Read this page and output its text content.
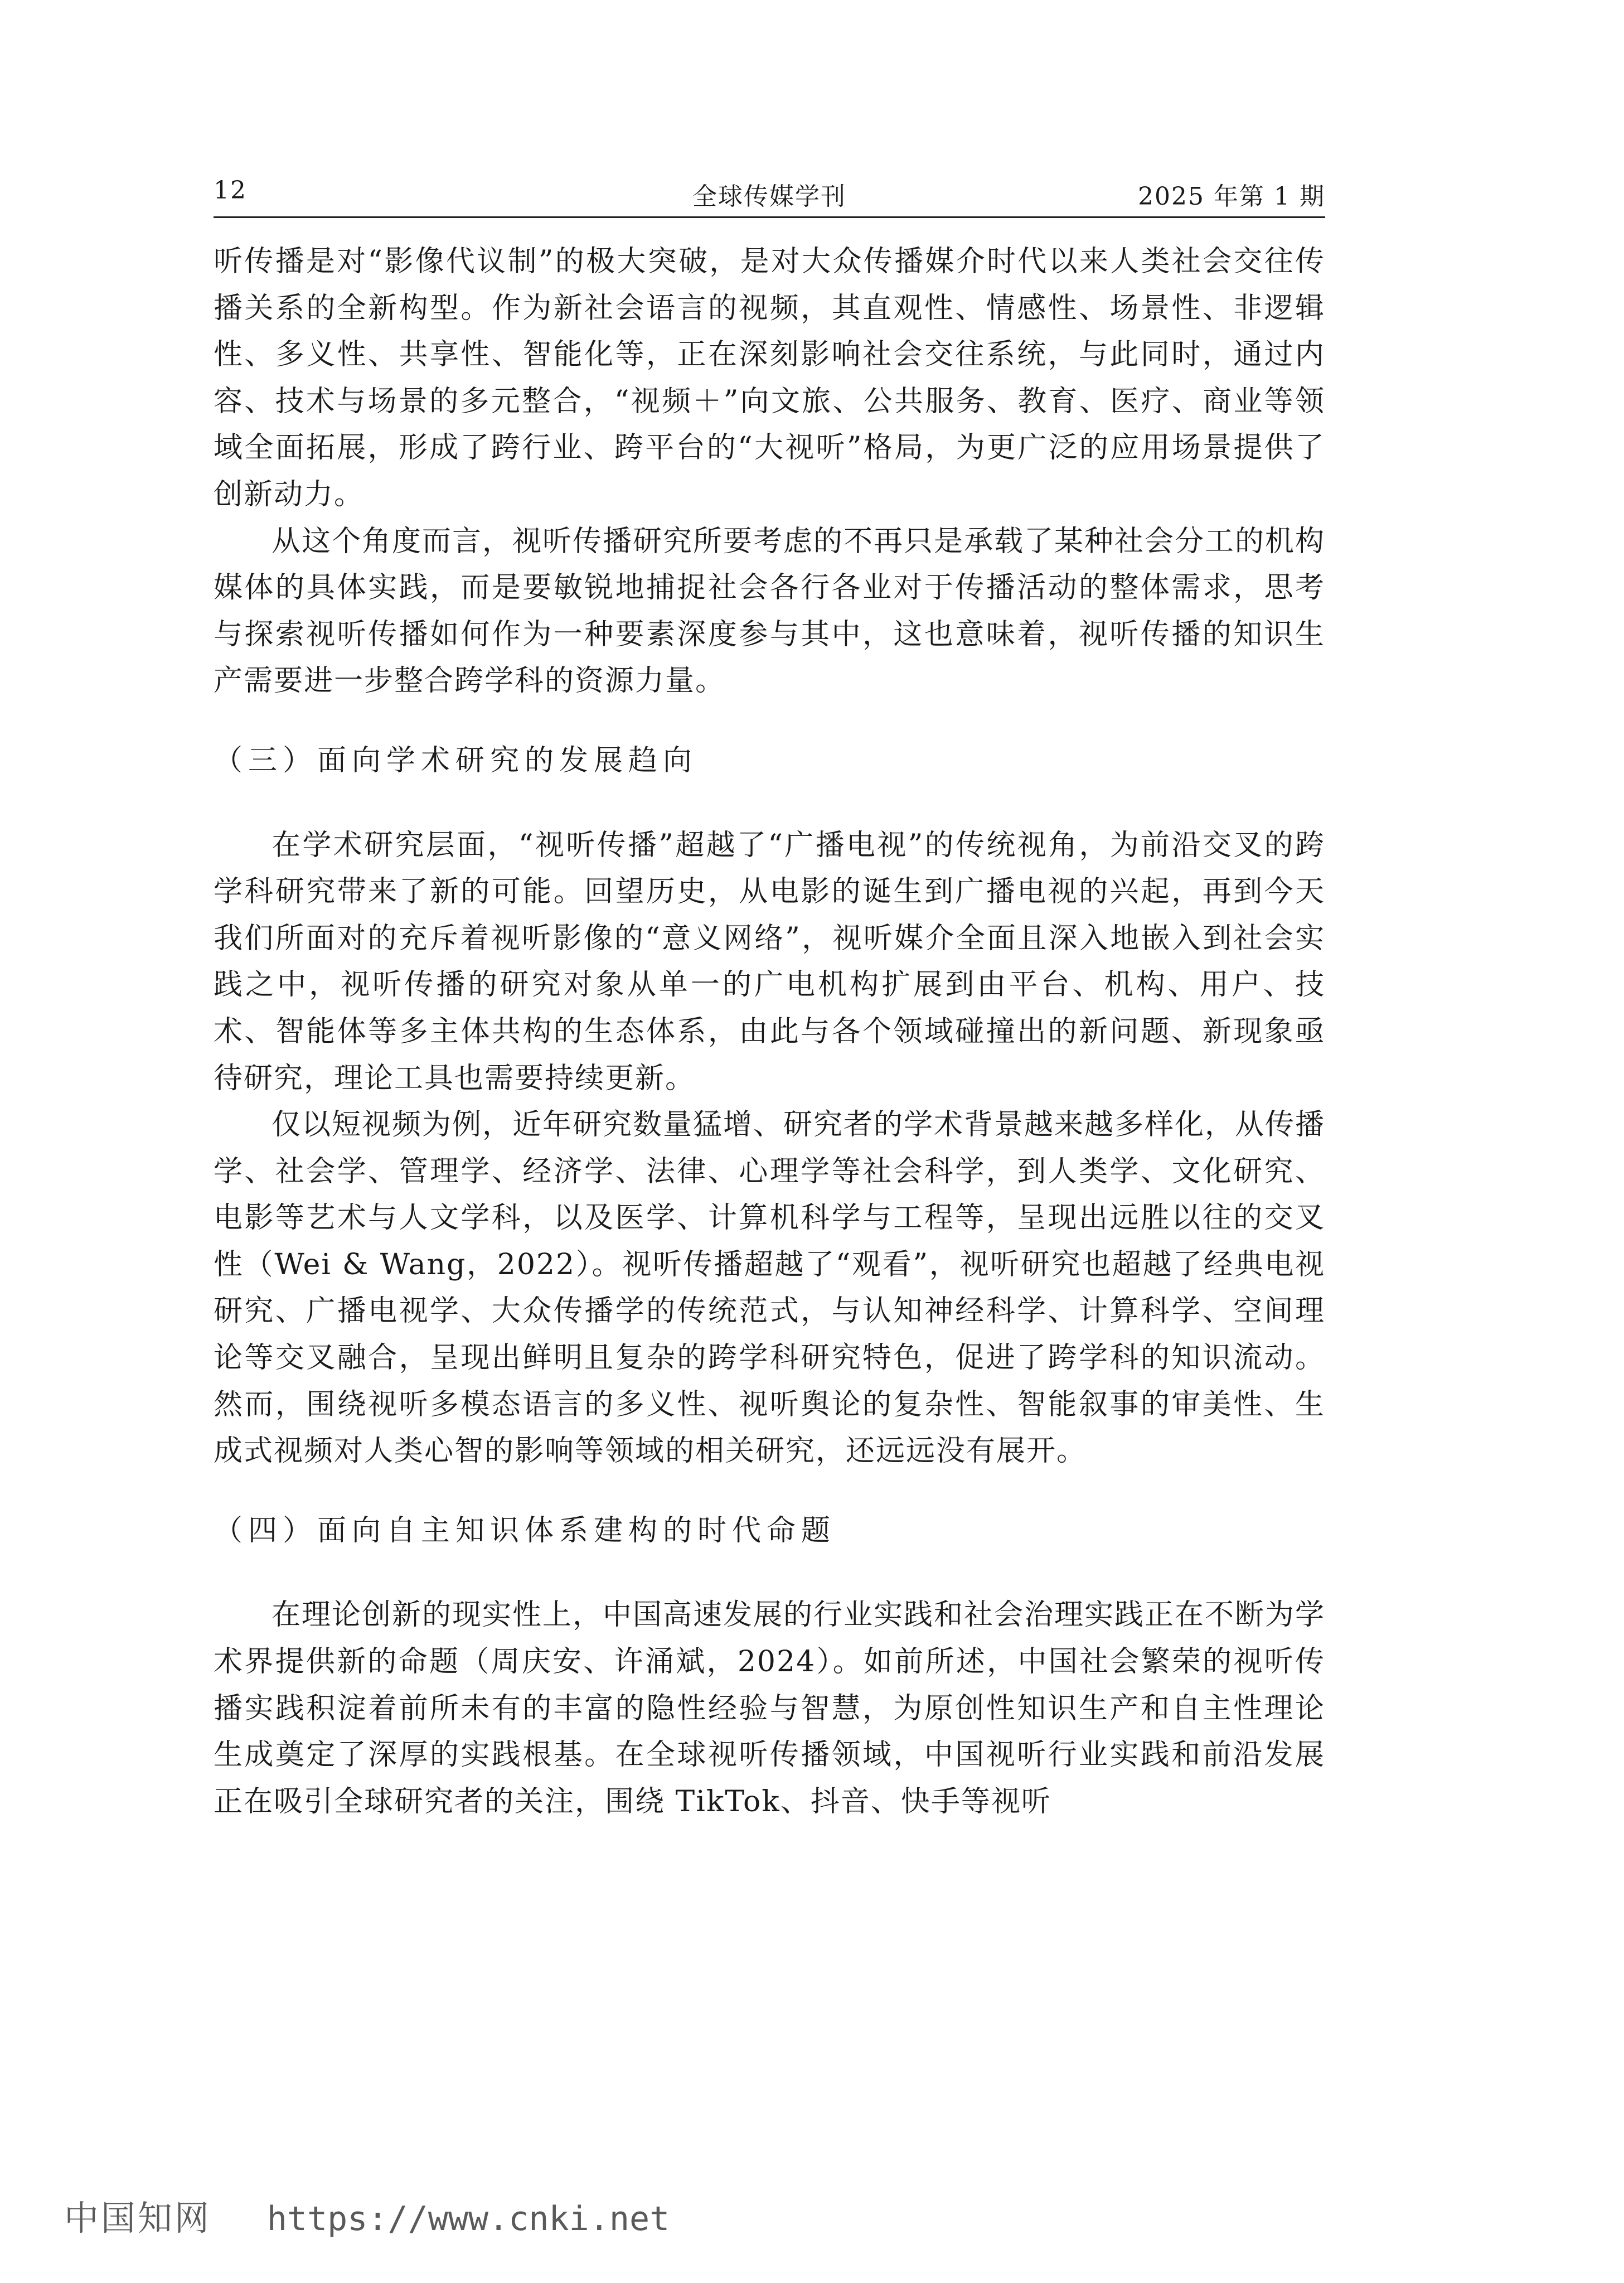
12	全球传媒学刊	2025 年第 1 期

听传播是对“影像代议制”的极大突破，是对大众传播媒介时代以来人类社会交往传播关系的全新构型。作为新社会语言的视频，其直观性、情感性、场景性、非逻辑性、多义性、共享性、智能化等，正在深刻影响社会交往系统，与此同时，通过内容、技术与场景的多元整合，“视频＋”向文旅、公共服务、教育、医疗、商业等领域全面拓展，形成了跨行业、跨平台的“大视听”格局，为更广泛的应用场景提供了创新动力。

从这个角度而言，视听传播研究所要考虑的不再只是承载了某种社会分工的机构媒体的具体实践，而是要敏锐地捕捉社会各行各业对于传播活动的整体需求，思考与探索视听传播如何作为一种要素深度参与其中，这也意味着，视听传播的知识生产需要进一步整合跨学科的资源力量。

（三）面向学术研究的发展趋向

在学术研究层面，“视听传播”超越了“广播电视”的传统视角，为前沿交叉的跨学科研究带来了新的可能。回望历史，从电影的诞生到广播电视的兴起，再到今天我们所面对的充斥着视听影像的“意义网络”，视听媒介全面且深入地嵌入到社会实践之中，视听传播的研究对象从单一的广电机构扩展到由平台、机构、用户、技术、智能体等多主体共构的生态体系，由此与各个领域碰撞出的新问题、新现象亟待研究，理论工具也需要持续更新。

仅以短视频为例，近年研究数量猛增、研究者的学术背景越来越多样化，从传播学、社会学、管理学、经济学、法律、心理学等社会科学，到人类学、文化研究、电影等艺术与人文学科，以及医学、计算机科学与工程等，呈现出远胜以往的交叉性（Wei & Wang，2022）。视听传播超越了“观看”，视听研究也超越了经典电视研究、广播电视学、大众传播学的传统范式，与认知神经科学、计算科学、空间理论等交叉融合，呈现出鲜明且复杂的跨学科研究特色，促进了跨学科的知识流动。然而，围绕视听多模态语言的多义性、视听舆论的复杂性、智能叙事的审美性、生成式视频对人类心智的影响等领域的相关研究，还远远没有展开。

（四）面向自主知识体系建构的时代命题

在理论创新的现实性上，中国高速发展的行业实践和社会治理实践正在不断为学术界提供新的命题（周庆安、许涌斌，2024）。如前所述，中国社会繁荣的视听传播实践积淀着前所未有的丰富的隐性经验与智慧，为原创性知识生产和自主性理论生成奠定了深厚的实践根基。在全球视听传播领域，中国视听行业实践和前沿发展正在吸引全球研究者的关注，围绕 TikTok、抖音、快手等视听

中国知网 https://www.cnki.net
